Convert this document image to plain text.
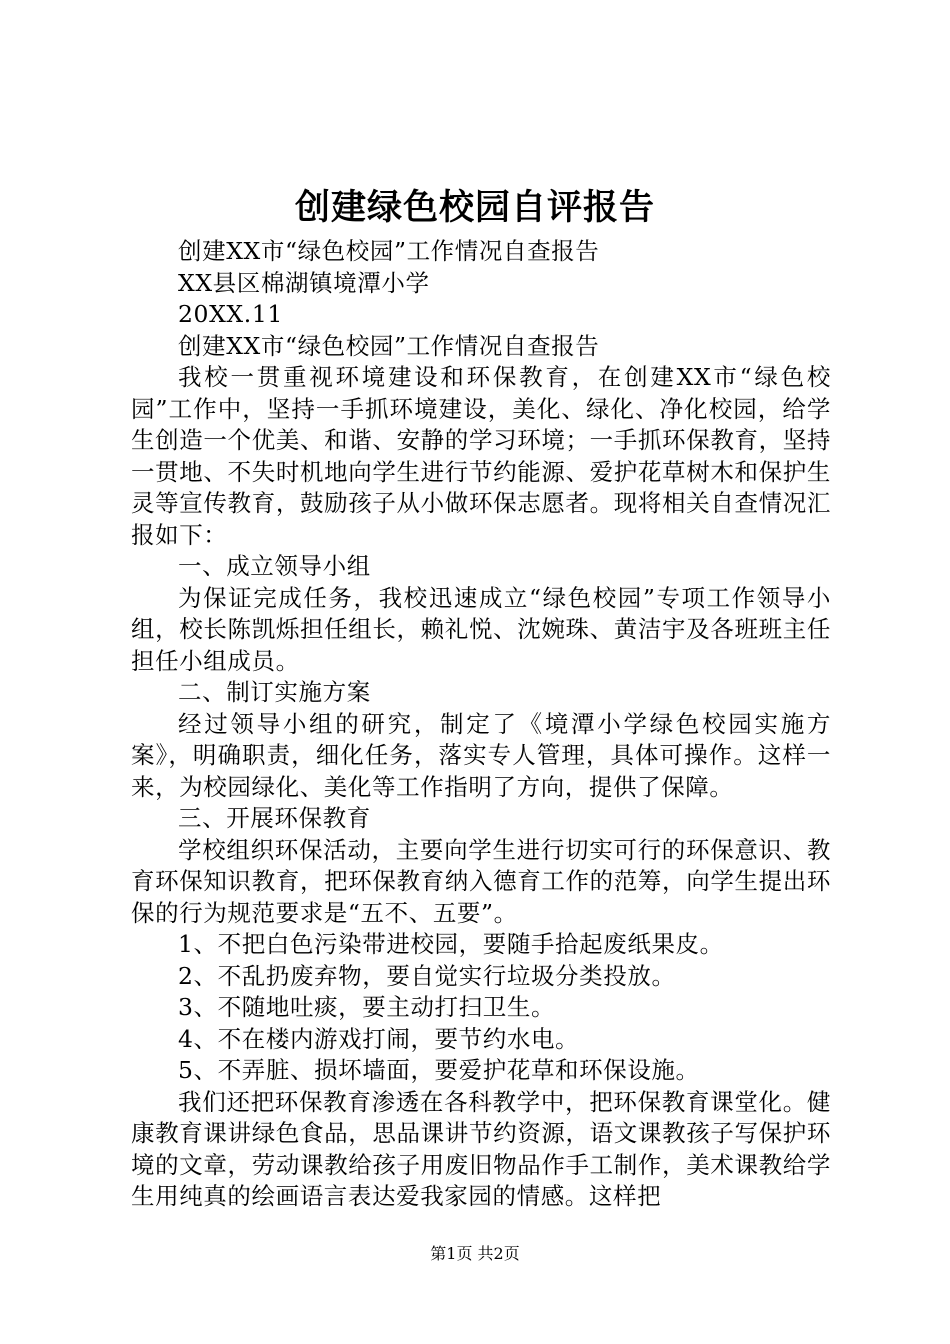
创建绿色校园自评报告

创建XX市“绿色校园”工作情况自查报告

XX县区棉湖镇境潭小学

20XX.11

创建XX市“绿色校园”工作情况自查报告

我校一贯重视环境建设和环保教育，在创建XX市“绿色校园”工作中，坚持一手抓环境建设，美化、绿化、净化校园，给学生创造一个优美、和谐、安静的学习环境；一手抓环保教育，坚持一贯地、不失时机地向学生进行节约能源、爱护花草树木和保护生灵等宣传教育，鼓励孩子从小做环保志愿者。现将相关自查情况汇报如下：

一、成立领导小组

为保证完成任务，我校迅速成立“绿色校园”专项工作领导小组，校长陈凯烁担任组长，赖礼悦、沈婉珠、黄洁宇及各班班主任担任小组成员。

二、制订实施方案

经过领导小组的研究，制定了《境潭小学绿色校园实施方案》，明确职责，细化任务，落实专人管理，具体可操作。这样一来，为校园绿化、美化等工作指明了方向，提供了保障。

三、开展环保教育

学校组织环保活动，主要向学生进行切实可行的环保意识、教育环保知识教育，把环保教育纳入德育工作的范筹，向学生提出环保的行为规范要求是“五不、五要”。

1、不把白色污染带进校园，要随手拾起废纸果皮。

2、不乱扔废弃物，要自觉实行垃圾分类投放。

3、不随地吐痰，要主动打扫卫生。

4、不在楼内游戏打闹，要节约水电。

5、不弄脏、损坏墙面，要爱护花草和环保设施。

我们还把环保教育渗透在各科教学中，把环保教育课堂化。健康教育课讲绿色食品，思品课讲节约资源，语文课教孩子写保护环境的文章，劳动课教给孩子用废旧物品作手工制作，美术课教给学生用纯真的绘画语言表达爱我家园的情感。这样把

第1页 共2页
